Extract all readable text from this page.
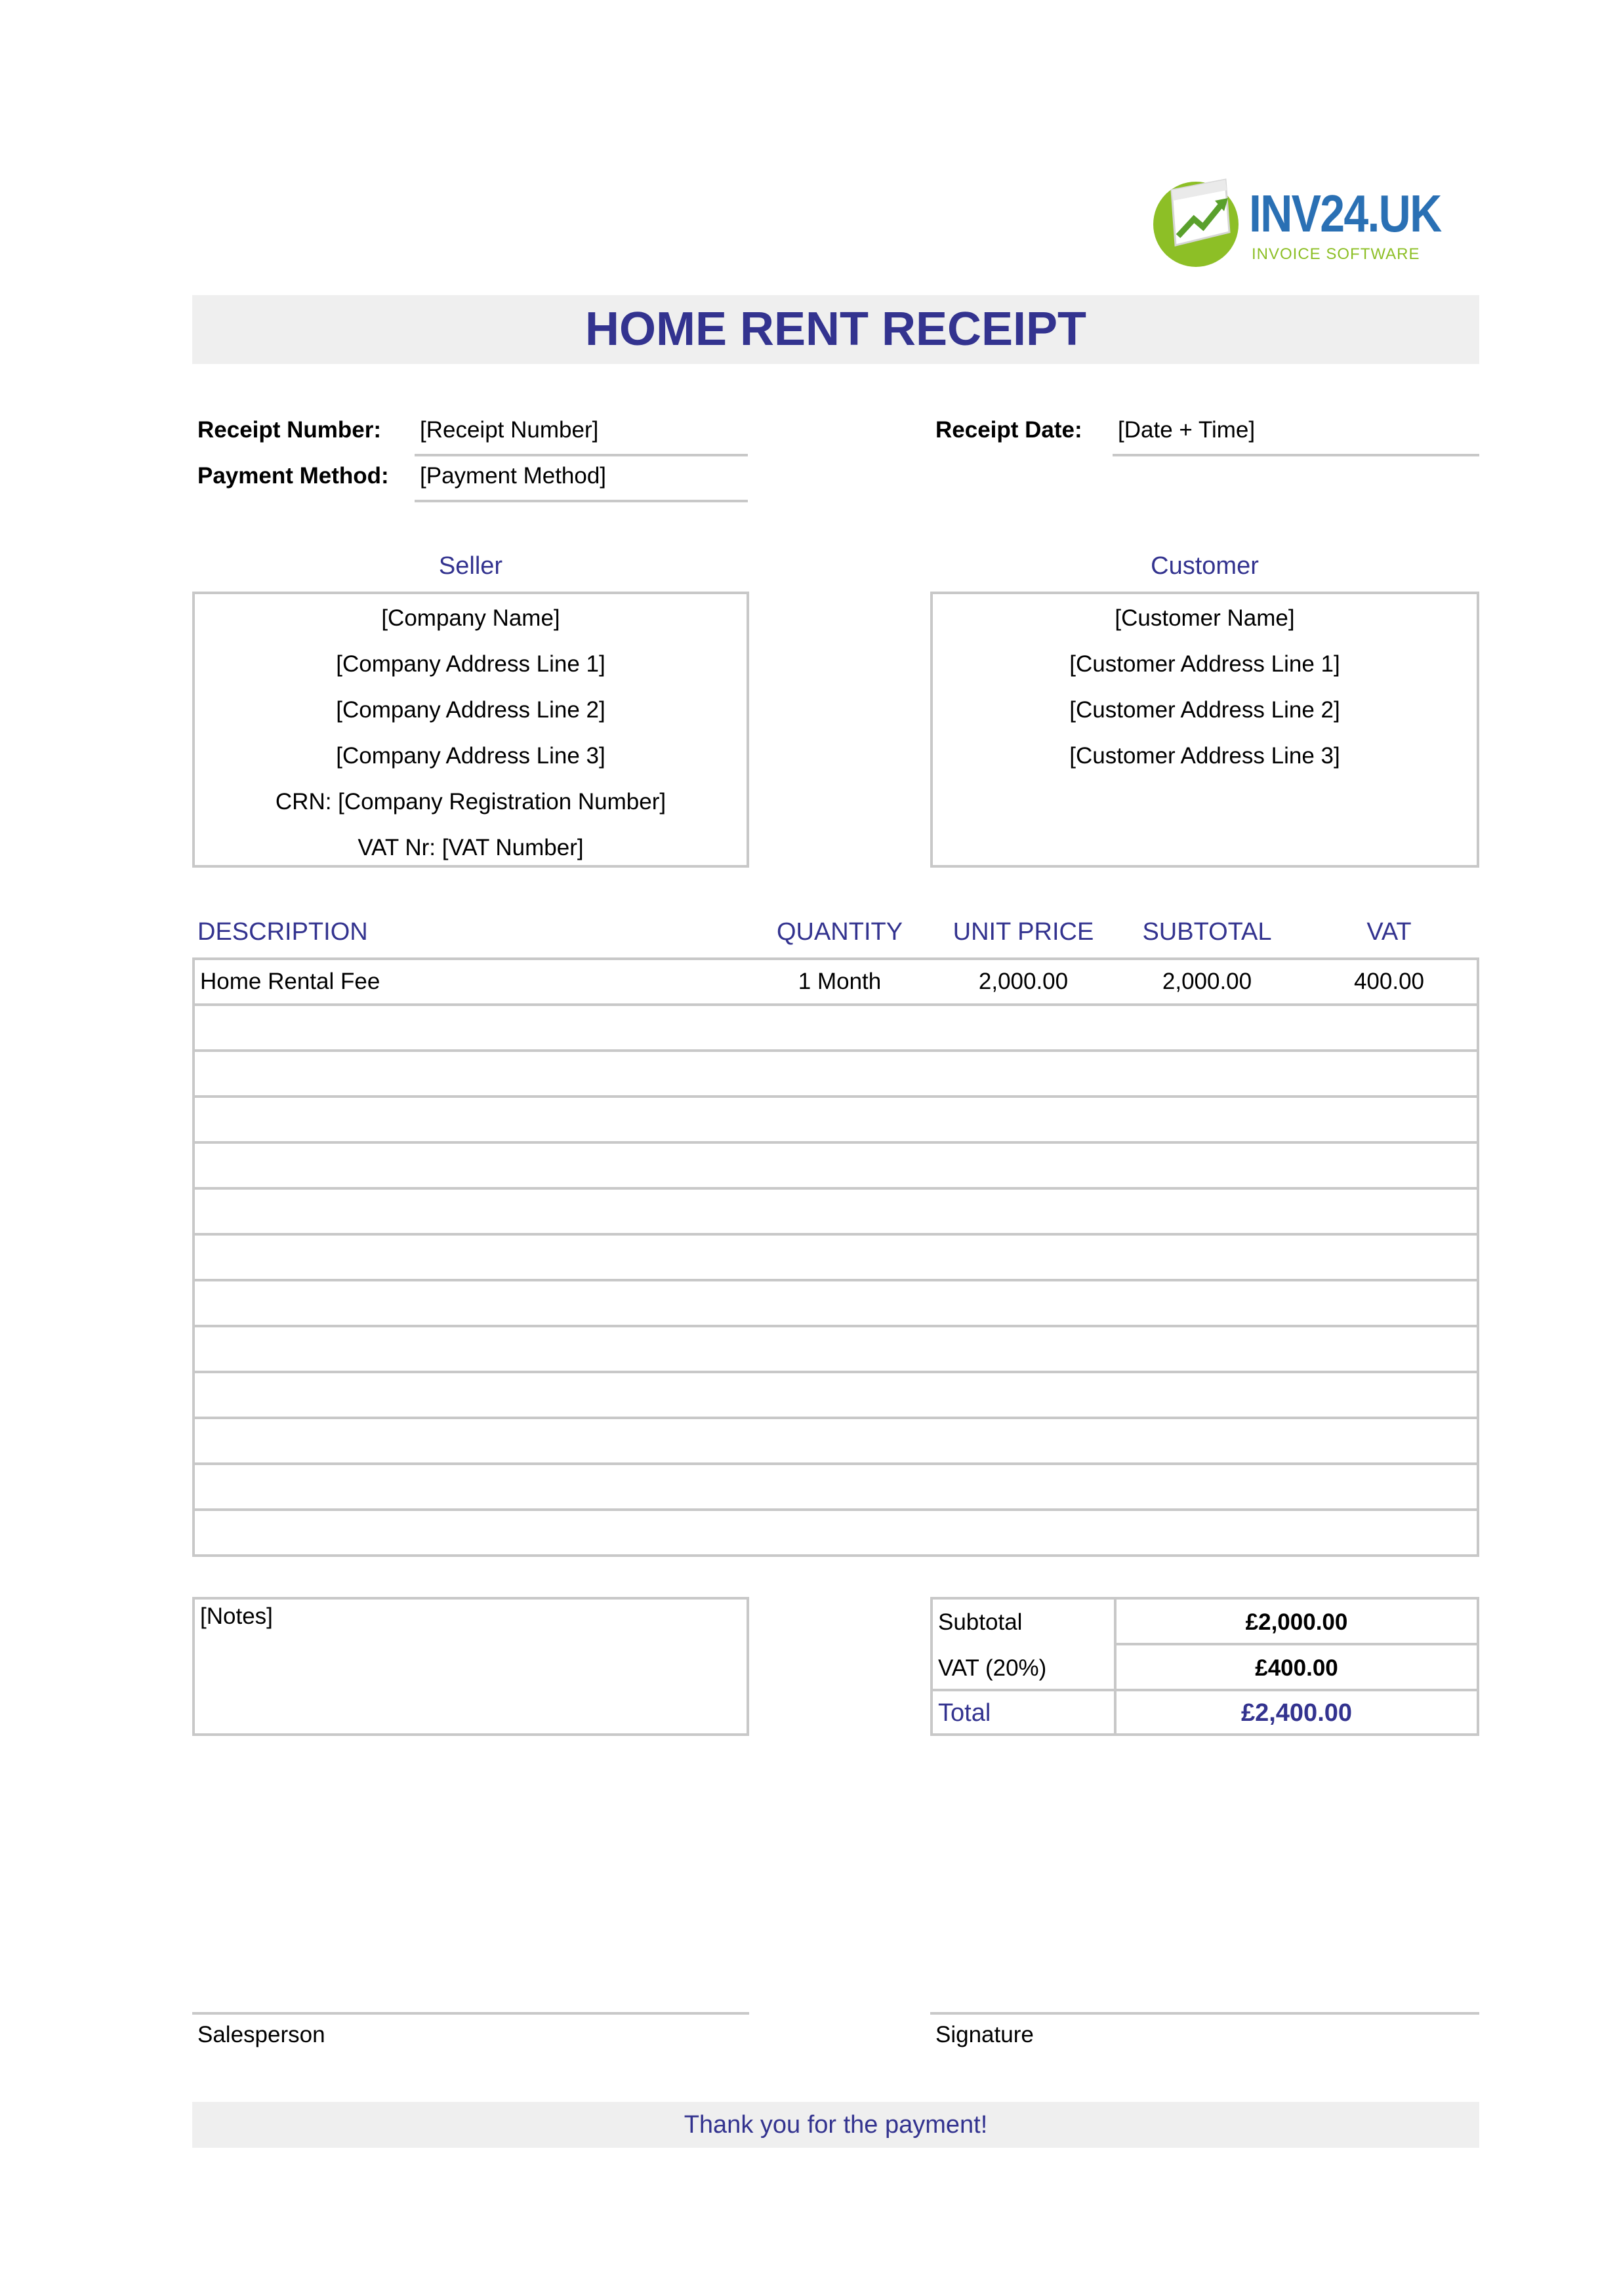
INV24.UK
INVOICE SOFTWARE
HOME RENT RECEIPT
Receipt Number: [Receipt Number]
Payment Method: [Payment Method]
Receipt Date: [Date + Time]
Seller	Customer
[Company Name]
[Company Address Line 1]
[Company Address Line 2]
[Company Address Line 3]
CRN: [Company Registration Number]
VAT Nr: [VAT Number]
[Customer Name]
[Customer Address Line 1]
[Customer Address Line 2]
[Customer Address Line 3]
DESCRIPTION	QUANTITY	UNIT PRICE	SUBTOTAL	VAT
Home Rental Fee	1 Month	2,000.00	2,000.00	400.00
[Notes]	Subtotal	£2,000.00
VAT (20%)	£400.00
Total	£2,400.00
Salesperson	Signature
Thank you for the payment!
